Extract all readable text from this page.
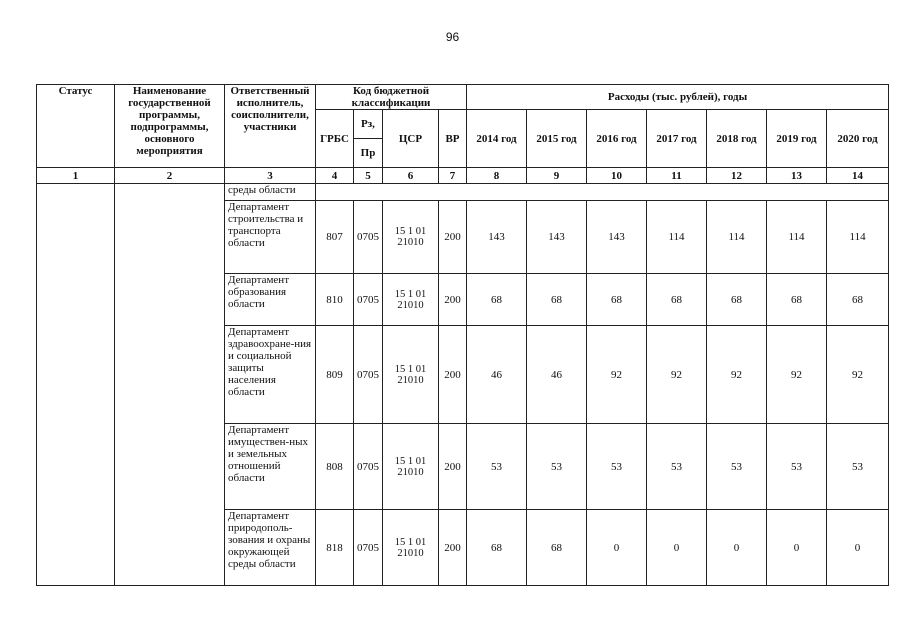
96
Статус	Наименование государственной программы, подпрограммы, основного мероприятия	Ответственный исполнитель, соисполнители, участники	Код бюджетной классификации				Расходы (тыс. рублей), годы						
			ГРБС	Рз,	ЦСР	ВР	2014 год	2015 год	2016 год	2017 год	2018 год	2019 год	2020 год
				Пр									
1	2	3	4	5	6	7	8	9	10	11	12	13	14
		среды области											
		Департамент строительства и транспорта области	807	0705	15 1 01 21010	200	143	143	143	114	114	114	114
		Департамент образования области	810	0705	15 1 01 21010	200	68	68	68	68	68	68	68
		Департамент здравоохране-ния и социальной защиты населения области	809	0705	15 1 01 21010	200	46	46	92	92	92	92	92
		Департамент имуществен-ных и земельных отношений области	808	0705	15 1 01 21010	200	53	53	53	53	53	53	53
		Департамент природополь-зования и охраны окружающей среды области	818	0705	15 1 01 21010	200	68	68	0	0	0	0	0
